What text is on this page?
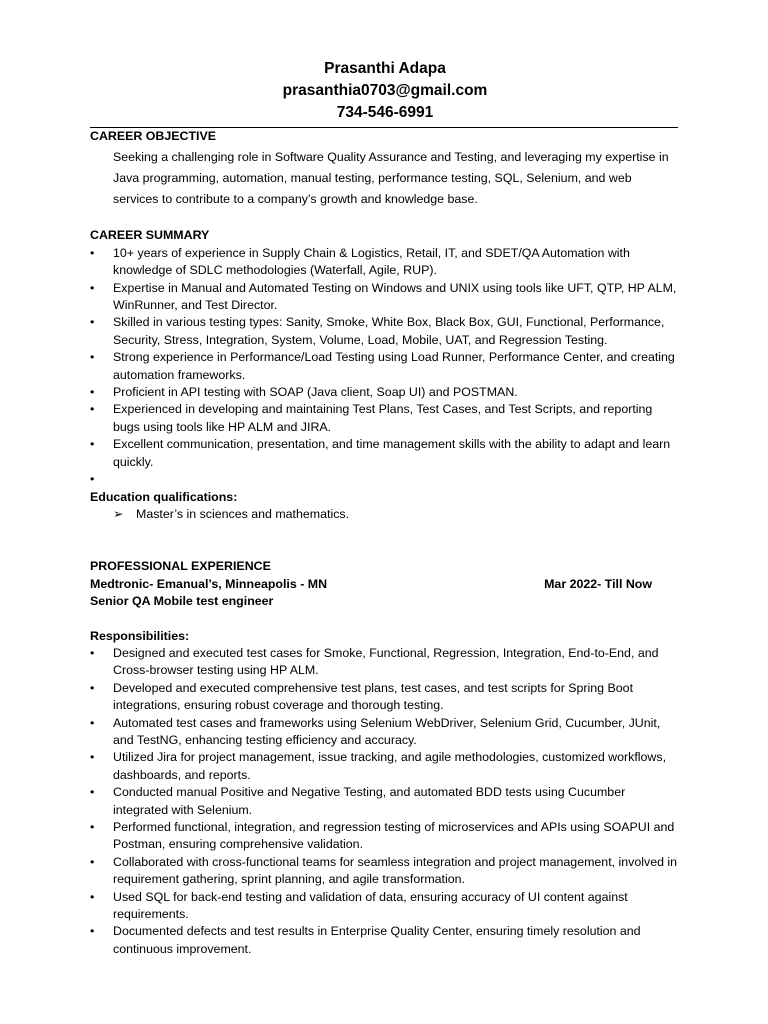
Prasanthi Adapa
prasanthia0703@gmail.com
734-546-6991
CAREER OBJECTIVE
Seeking a challenging role in Software Quality Assurance and Testing, and leveraging my expertise in Java programming, automation, manual testing, performance testing, SQL, Selenium, and web services to contribute to a company’s growth and knowledge base.
CAREER SUMMARY
•	10+ years of experience in Supply Chain & Logistics, Retail, IT, and SDET/QA Automation with knowledge of SDLC methodologies (Waterfall, Agile, RUP).
•	Expertise in Manual and Automated Testing on Windows and UNIX using tools like UFT, QTP, HP ALM, WinRunner, and Test Director.
•	Skilled in various testing types: Sanity, Smoke, White Box, Black Box, GUI, Functional, Performance, Security, Stress, Integration, System, Volume, Load, Mobile, UAT, and Regression Testing.
•	Strong experience in Performance/Load Testing using Load Runner, Performance Center, and creating automation frameworks.
•	Proficient in API testing with SOAP (Java client, Soap UI) and POSTMAN.
•	Experienced in developing and maintaining Test Plans, Test Cases, and Test Scripts, and reporting bugs using tools like HP ALM and JIRA.
•	Excellent communication, presentation, and time management skills with the ability to adapt and learn quickly.
•

Education qualifications:
➢ Master’s in sciences and mathematics.
PROFESSIONAL EXPERIENCE
Medtronic- Emanual’s, Minneapolis - MN	Mar 2022- Till Now
Senior QA Mobile test engineer
Responsibilities:
•	Designed and executed test cases for Smoke, Functional, Regression, Integration, End-to-End, and Cross-browser testing using HP ALM.
•	Developed and executed comprehensive test plans, test cases, and test scripts for Spring Boot integrations, ensuring robust coverage and thorough testing.
•	Automated test cases and frameworks using Selenium WebDriver, Selenium Grid, Cucumber, JUnit, and TestNG, enhancing testing efficiency and accuracy.
•	Utilized Jira for project management, issue tracking, and agile methodologies, customized workflows, dashboards, and reports.
•	Conducted manual Positive and Negative Testing, and automated BDD tests using Cucumber integrated with Selenium.
•	Performed functional, integration, and regression testing of microservices and APIs using SOAPUI and Postman, ensuring comprehensive validation.
•	Collaborated with cross-functional teams for seamless integration and project management, involved in requirement gathering, sprint planning, and agile transformation.
•	Used SQL for back-end testing and validation of data, ensuring accuracy of UI content against requirements.
•	Documented defects and test results in Enterprise Quality Center, ensuring timely resolution and continuous improvement.
